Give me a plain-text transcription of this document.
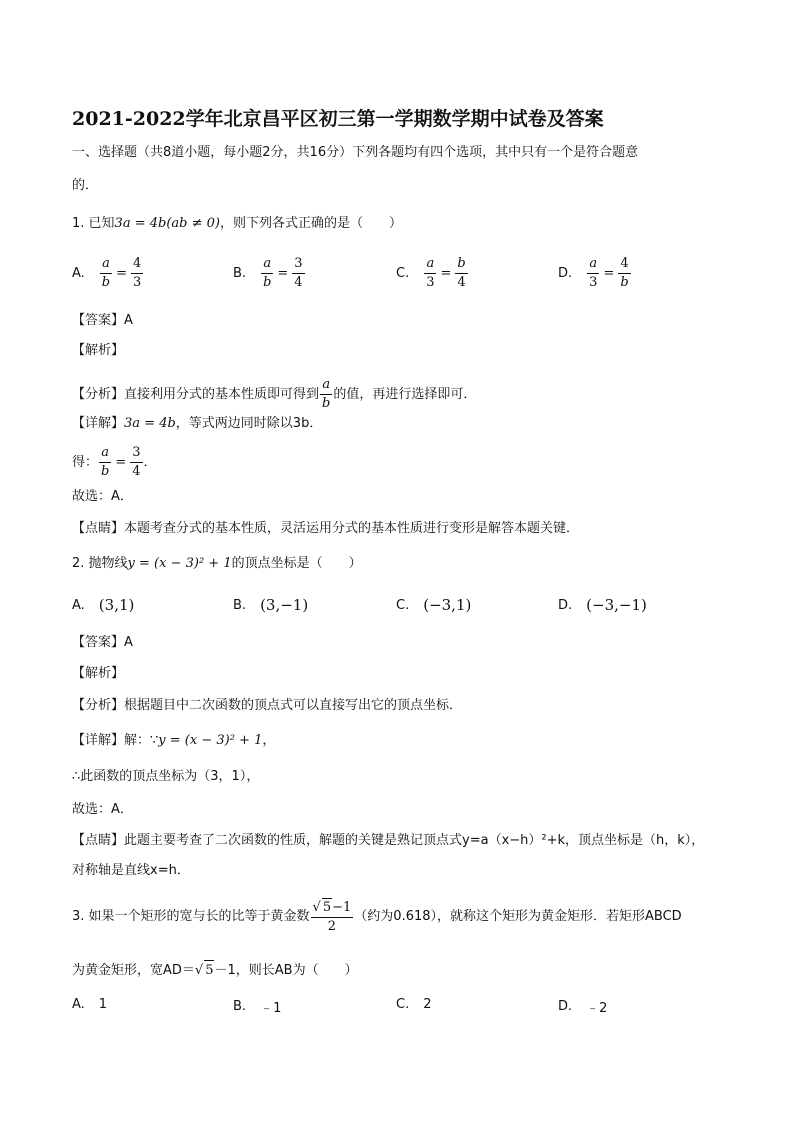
2021-2022学年北京昌平区初三第一学期数学期中试卷及答案
一、选择题（共8道小题，每小题2分，共16分）下列各题均有四个选项，其中只有一个是符合题意
的．
1. 已知3a = 4b(ab ≠ 0)，则下列各式正确的是（　　）
A. $\frac{a}{b} = \frac{4}{3}$	B. $\frac{a}{b} = \frac{3}{4}$	C. $\frac{a}{3} = \frac{b}{4}$	D. $\frac{a}{3} = \frac{4}{b}$
【答案】A
【解析】
【分析】 直接利用分式的基本性质即可得到 $\frac{a}{b}$ 的值，再进行选择即可．
【详解】3a = 4b，等式两边同时除以3b．
得： $\frac{a}{b} = \frac{3}{4}$ ．
故选：A．
【点睛】本题考查分式的基本性质，灵活运用分式的基本性质进行变形是解答本题关键．
2. 抛物线y = (x − 3)² + 1的顶点坐标是（　　）
A. (3,1)	B. (3,−1)	C. (−3,1)	D. (−3,−1)
【答案】A
【解析】
【分析】根据题目中二次函数的顶点式可以直接写出它的顶点坐标．
【详解】解：∵y = (x − 3)² + 1，
∴此函数的顶点坐标为（3，1），
故选：A．
【点睛】此题主要考查了二次函数的性质，解题的关键是熟记顶点式y=a（x−h）²+k，顶点坐标是（h，k），
对称轴是直线x=h．
3. 如果一个矩形的宽与长的比等于黄金数 $\frac{√ 5-1}{2}$ （约为0.618），就称这个矩形为黄金矩形．若矩形ABCD
为黄金矩形，宽AD＝√ 5－1，则长AB为（　　）
A. 1	B. ﹣1	C. 2	D. ﹣2
